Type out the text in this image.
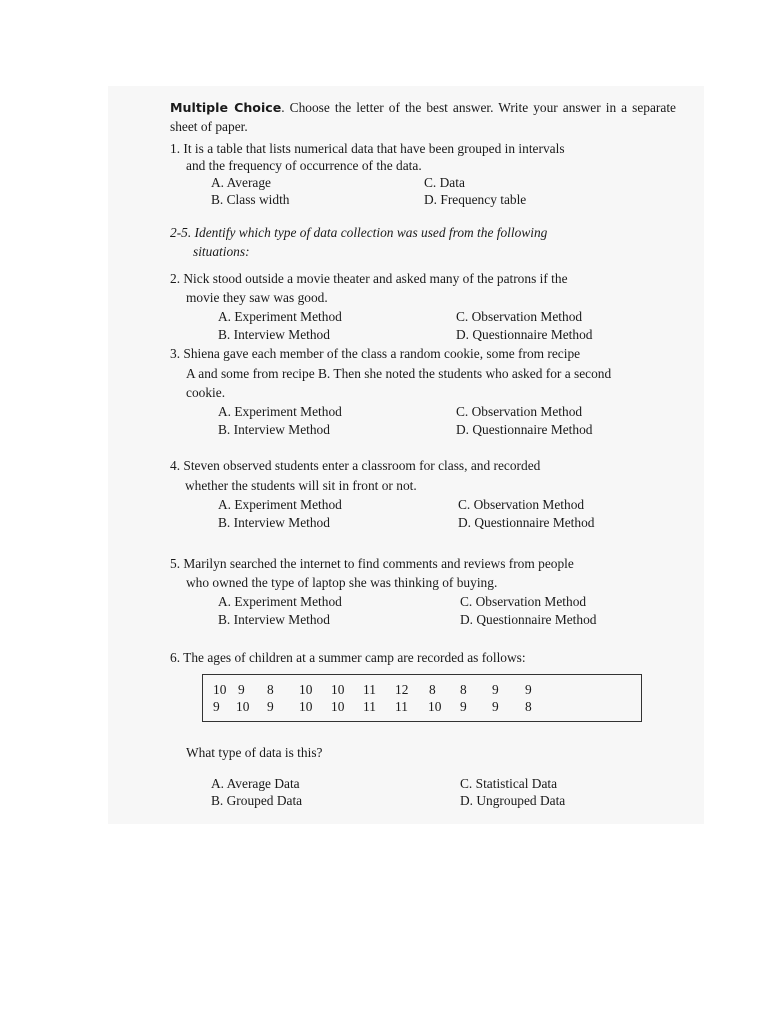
Multiple Choice. Choose the letter of the best answer. Write your answer in a separate sheet of paper.
1. It is a table that lists numerical data that have been grouped in intervals
and the frequency of occurrence of the data.
A. Average	C. Data
B. Class width	D. Frequency table
2-5. Identify which type of data collection was used from the following
situations:
2. Nick stood outside a movie theater and asked many of the patrons if the
movie they saw was good.
A. Experiment Method	C. Observation Method
B. Interview Method	D. Questionnaire Method
3. Shiena gave each member of the class a random cookie, some from recipe
A and some from recipe B. Then she noted the students who asked for a second
cookie.
A. Experiment Method	C. Observation Method
B. Interview Method	D. Questionnaire Method
4. Steven observed students enter a classroom for class, and recorded
whether the students will sit in front or not.
A. Experiment Method	C. Observation Method
B. Interview Method	D. Questionnaire Method
5. Marilyn searched the internet to find comments and reviews from people
who owned the type of laptop she was thinking of buying.
A. Experiment Method	C. Observation Method
B. Interview Method	D. Questionnaire Method
6. The ages of children at a summer camp are recorded as follows:
10 9 8 10 10 11 12 8 8 9 9
9 10 9 10 10 11 11 10 9 9 8
What type of data is this?
A. Average Data	C. Statistical Data
B. Grouped Data	D. Ungrouped Data
